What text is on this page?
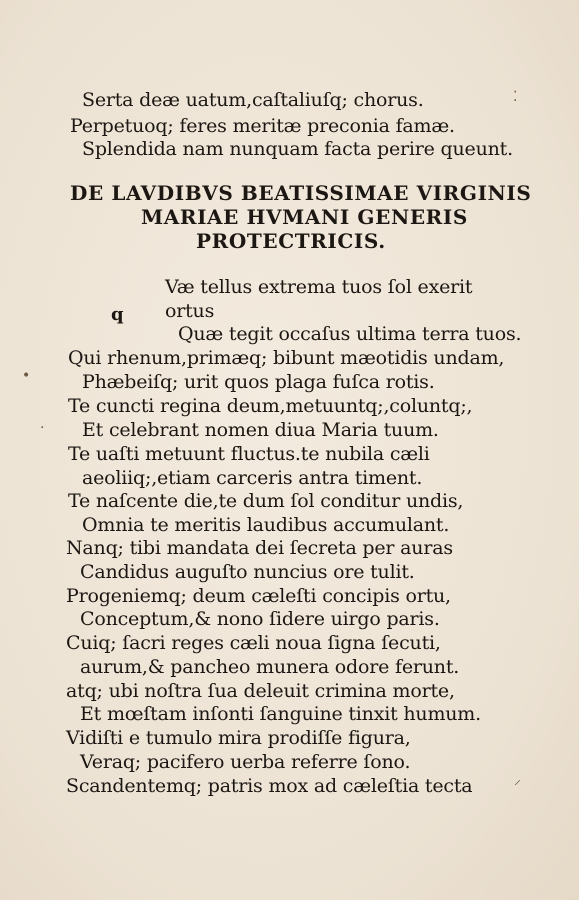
Serta deæ uatum,caſtaliuſq; chorus.
Perpetuoq; feres meritæ preconia famæ.
Splendida nam nunquam facta perire queunt.
DE LAVDIBVS BEATISSIMAE VIRGINIS
MARIAE HVMANI GENERIS
PROTECTRICIS.
q
Væ tellus extrema tuos ſol exerit
ortus
Quæ tegit occaſus ultima terra tuos.
Qui rhenum,primæq; bibunt mæotidis undam,
Phæbeiſq; urit quos plaga fuſca rotis.
Te cuncti regina deum,metuuntq;,coluntq;,
Et celebrant nomen diua Maria tuum.
Te uaſti metuunt fluctus.te nubila cæli
aeoliiq;,etiam carceris antra timent.
Te naſcente die,te dum ſol conditur undis,
Omnia te meritis laudibus accumulant.
Nanq; tibi mandata dei ſecreta per auras
Candidus auguſto nuncius ore tulit.
Progeniemq; deum cæleſti concipis ortu,
Conceptum,& nono ſidere uirgo paris.
Cuiq; ſacri reges cæli noua ſigna ſecuti,
aurum,& pancheo munera odore ferunt.
atq; ubi noſtra ſua deleuit crimina morte,
Et mœſtam inſonti ſanguine tinxit humum.
Vidiſti e tumulo mira prodiſſe figura,
Veraq; pacifero uerba referre ſono.
Scandentemq; patris mox ad cæleſtia tecta
⁚
•
·
⸍
